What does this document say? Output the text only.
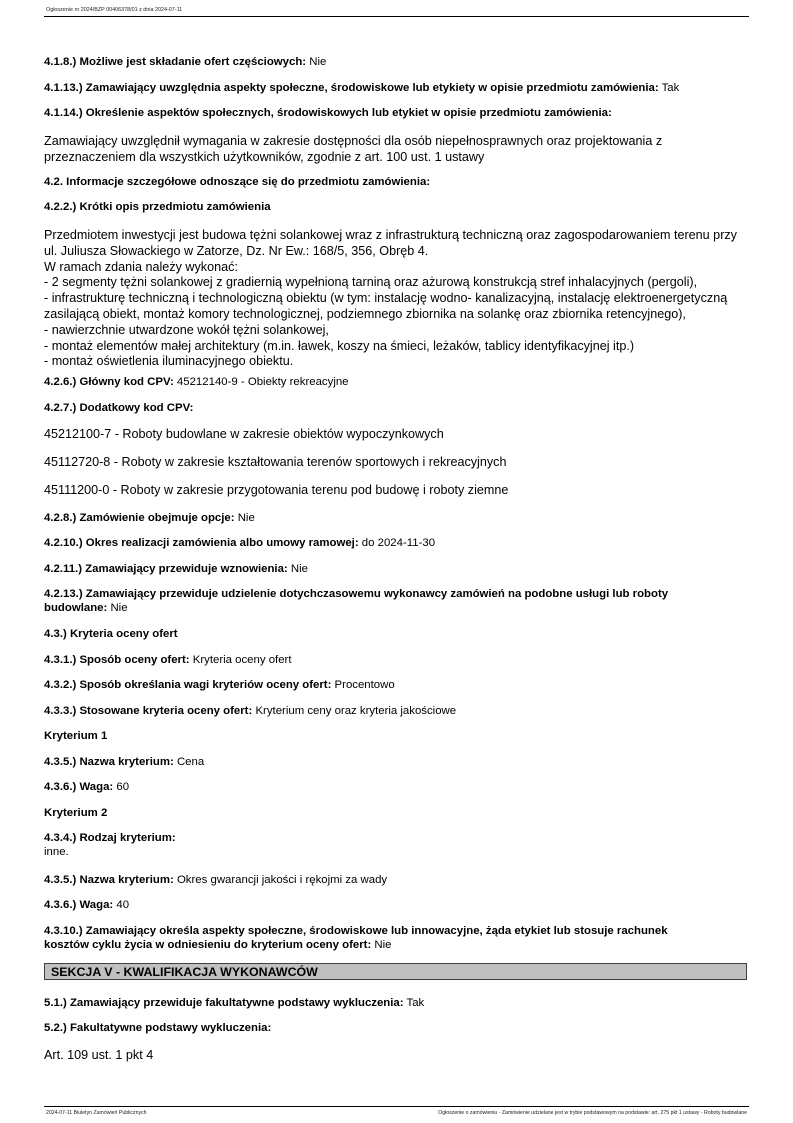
Ogłoszenie nr 2024/BZP 00406378/01 z dnia 2024-07-11
4.1.8.) Możliwe jest składanie ofert częściowych: Nie
4.1.13.) Zamawiający uwzględnia aspekty społeczne, środowiskowe lub etykiety w opisie przedmiotu zamówienia: Tak
4.1.14.) Określenie aspektów społecznych, środowiskowych lub etykiet w opisie przedmiotu zamówienia:
Zamawiający uwzględnił wymagania w zakresie dostępności dla osób niepełnosprawnych oraz projektowania z
przeznaczeniem dla wszystkich użytkowników, zgodnie z art. 100 ust. 1 ustawy
4.2. Informacje szczegółowe odnoszące się do przedmiotu zamówienia:
4.2.2.) Krótki opis przedmiotu zamówienia
Przedmiotem inwestycji jest budowa tężni solankowej wraz z infrastrukturą techniczną oraz zagospodarowaniem terenu przy
ul. Juliusza Słowackiego w Zatorze, Dz. Nr Ew.: 168/5, 356, Obręb 4.
W ramach zdania należy wykonać:
- 2 segmenty tężni solankowej z gradiernią wypełnioną tarniną oraz ażurową konstrukcją stref inhalacyjnych (pergoli),
- infrastrukturę techniczną i technologiczną obiektu (w tym: instalację wodno- kanalizacyjną, instalację elektroenergetyczną
zasilającą obiekt, montaż komory technologicznej, podziemnego zbiornika na solankę oraz zbiornika retencyjnego),
- nawierzchnie utwardzone wokół tężni solankowej,
- montaż elementów małej architektury (m.in. ławek, koszy na śmieci, leżaków, tablicy identyfikacyjnej itp.)
- montaż oświetlenia iluminacyjnego obiektu.
4.2.6.) Główny kod CPV: 45212140-9 - Obiekty rekreacyjne
4.2.7.) Dodatkowy kod CPV:
45212100-7 - Roboty budowlane w zakresie obiektów wypoczynkowych
45112720-8 - Roboty w zakresie kształtowania terenów sportowych i rekreacyjnych
45111200-0 - Roboty w zakresie przygotowania terenu pod budowę i roboty ziemne
4.2.8.) Zamówienie obejmuje opcje: Nie
4.2.10.) Okres realizacji zamówienia albo umowy ramowej: do 2024-11-30
4.2.11.) Zamawiający przewiduje wznowienia: Nie
4.2.13.) Zamawiający przewiduje udzielenie dotychczasowemu wykonawcy zamówień na podobne usługi lub roboty
budowlane: Nie
4.3.) Kryteria oceny ofert
4.3.1.) Sposób oceny ofert: Kryteria oceny ofert
4.3.2.) Sposób określania wagi kryteriów oceny ofert: Procentowo
4.3.3.) Stosowane kryteria oceny ofert: Kryterium ceny oraz kryteria jakościowe
Kryterium 1
4.3.5.) Nazwa kryterium: Cena
4.3.6.) Waga: 60
Kryterium 2
4.3.4.) Rodzaj kryterium:
inne.
4.3.5.) Nazwa kryterium: Okres gwarancji jakości i rękojmi za wady
4.3.6.) Waga: 40
4.3.10.) Zamawiający określa aspekty społeczne, środowiskowe lub innowacyjne, żąda etykiet lub stosuje rachunek
kosztów cyklu życia w odniesieniu do kryterium oceny ofert: Nie
SEKCJA V - KWALIFIKACJA WYKONAWCÓW
5.1.) Zamawiający przewiduje fakultatywne podstawy wykluczenia: Tak
5.2.) Fakultatywne podstawy wykluczenia:
Art. 109 ust. 1 pkt 4
2024-07-11 Biuletyn Zamówień Publicznych	Ogłoszenie o zamówieniu - Zamówienie udzielane jest w trybie podstawowym na podstawie: art. 275 pkt 1 ustawy - Roboty budowlane
